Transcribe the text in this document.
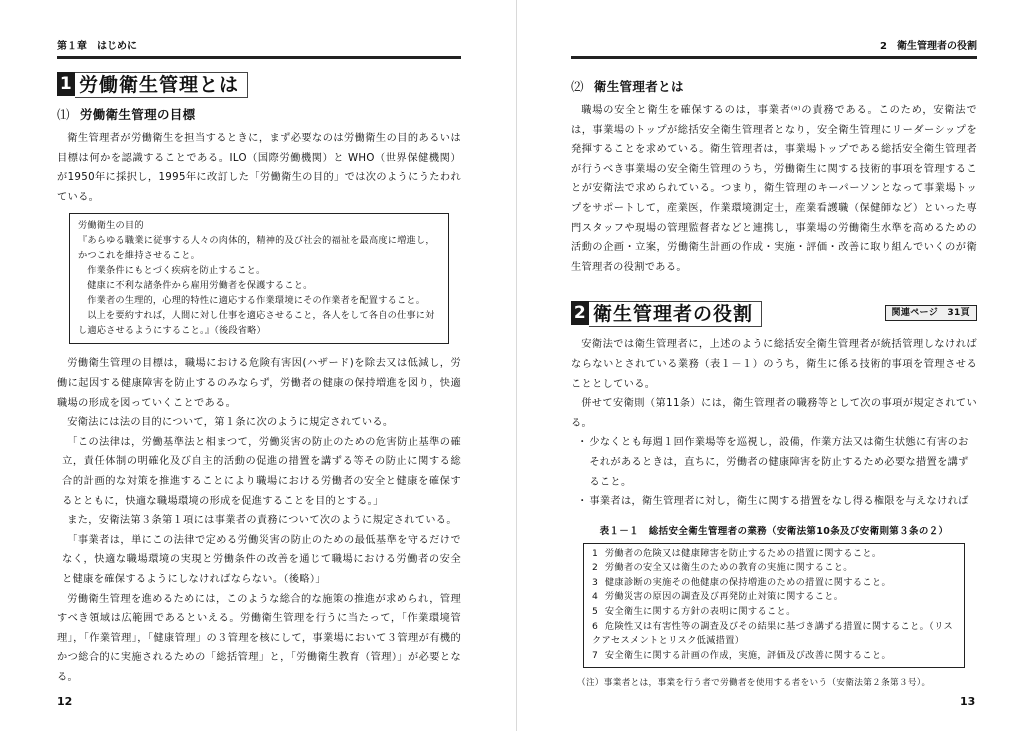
第１章　はじめに
1 労働衛生管理とは
⑴ 労働衛生管理の目標

衛生管理者が労働衛生を担当するときに，まず必要なのは労働衛生の目的あるいは目標は何かを認識することである。ILO（国際労働機関）と WHO（世界保健機関）が1950年に採択し，1995年に改訂した「労働衛生の目的」では次のようにうたわれている。

労働衛生の目的
『あらゆる職業に従事する人々の肉体的，精神的及び社会的福祉を最高度に増進し，かつこれを維持させること。
作業条件にもとづく疾病を防止すること。
健康に不利な諸条件から雇用労働者を保護すること。
作業者の生理的，心理的特性に適応する作業環境にその作業者を配置すること。
以上を要約すれば，人間に対し仕事を適応させること，各人をして各自の仕事に対し適応させるようにすること。』（後段省略）

労働衛生管理の目標は，職場における危険有害因(ハザード)を除去又は低減し，労働に起因する健康障害を防止するのみならず，労働者の健康の保持増進を図り，快適職場の形成を図っていくことである。

安衛法には法の目的について，第１条に次のように規定されている。

「この法律は，労働基準法と相まつて，労働災害の防止のための危害防止基準の確立，責任体制の明確化及び自主的活動の促進の措置を講ずる等その防止に関する総合的計画的な対策を推進することにより職場における労働者の安全と健康を確保するとともに，快適な職場環境の形成を促進することを目的とする。」

また，安衛法第３条第１項には事業者の責務について次のように規定されている。

「事業者は，単にこの法律で定める労働災害の防止のための最低基準を守るだけでなく，快適な職場環境の実現と労働条件の改善を通じて職場における労働者の安全と健康を確保するようにしなければならない。（後略）」

労働衛生管理を進めるためには，このような総合的な施策の推進が求められ，管理すべき領域は広範囲であるといえる。労働衛生管理を行うに当たって，「作業環境管理」，「作業管理」，「健康管理」の３管理を核にして，事業場において３管理が有機的かつ総合的に実施されるための「総括管理」と，「労働衛生教育（管理）」が必要となる。

12
2　衛生管理者の役割
⑵ 衛生管理者とは

職場の安全と衛生を確保するのは，事業者⁽ᵃ⁾の責務である。このため，安衛法では，事業場のトップが総括安全衛生管理者となり，安全衛生管理にリーダーシップを発揮することを求めている。衛生管理者は，事業場トップである総括安全衛生管理者が行うべき事業場の安全衛生管理のうち，労働衛生に関する技術的事項を管理することが安衛法で求められている。つまり，衛生管理のキーパーソンとなって事業場トップをサポートして，産業医，作業環境測定士，産業看護職（保健師など）といった専門スタッフや現場の管理監督者などと連携し，事業場の労働衛生水準を高めるための活動の企画・立案，労働衛生計画の作成・実施・評価・改善に取り組んでいくのが衛生管理者の役割である。

2 衛生管理者の役割	関連ページ　31頁

安衛法では衛生管理者に，上述のように総括安全衛生管理者が統括管理しなければならないとされている業務（表１－１）のうち，衛生に係る技術的事項を管理させることとしている。

併せて安衛則（第11条）には，衛生管理者の職務等として次の事項が規定されている。

・ 少なくとも毎週１回作業場等を巡視し，設備，作業方法又は衛生状態に有害のおそれがあるときは，直ちに，労働者の健康障害を防止するため必要な措置を講ずること。
・ 事業者は，衛生管理者に対し，衛生に関する措置をなし得る権限を与えなければ
表１－１　総括安全衛生管理者の業務（安衛法第10条及び安衛則第３条の２）
1 労働者の危険又は健康障害を防止するための措置に関すること。
2 労働者の安全又は衛生のための教育の実施に関すること。
3 健康診断の実施その他健康の保持増進のための措置に関すること。
4 労働災害の原因の調査及び再発防止対策に関すること。
5 安全衛生に関する方針の表明に関すること。
6 危険性又は有害性等の調査及びその結果に基づき講ずる措置に関すること。（リスクアセスメントとリスク低減措置）
7 安全衛生に関する計画の作成，実施，評価及び改善に関すること。
（注）事業者とは，事業を行う者で労働者を使用する者をいう（安衛法第２条第３号）。
13
